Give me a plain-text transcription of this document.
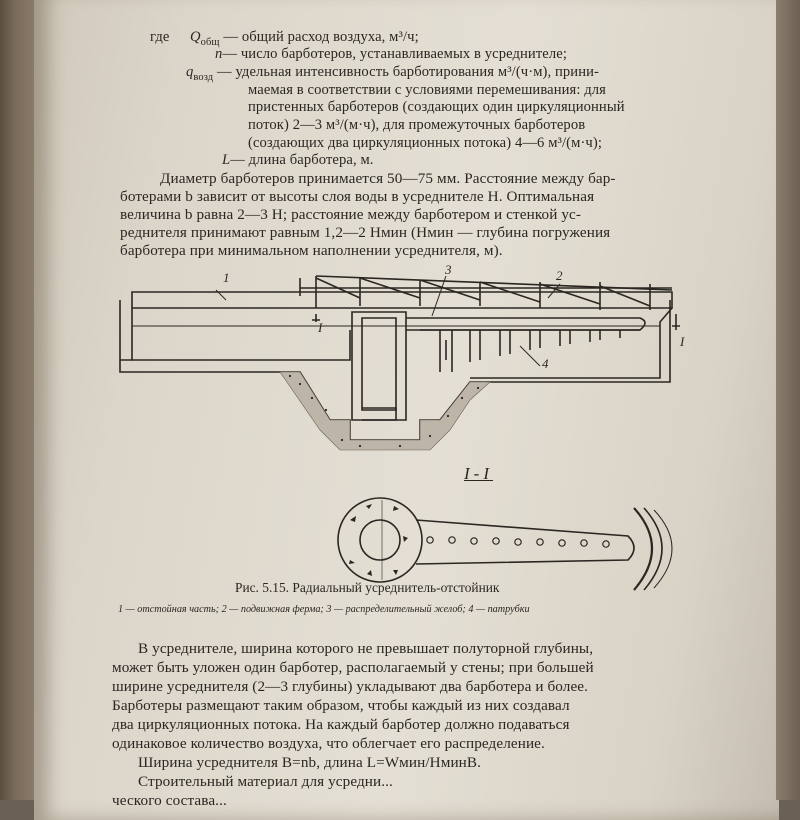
где $Q_{общ}$ — общий расход воздуха, м³/ч;
n— число барботеров, устанавливаемых в усреднителе;
$q_{возд}$ — удельная интенсивность барботирования м³/(ч·м), прини-
маемая в соответствии с условиями перемешивания: для
пристенных барботеров (создающих один циркуляционный
поток) 2—3 м³/(м·ч), для промежуточных барботеров
(создающих два циркуляционных потока) 4—6 м³/(м·ч);
L— длина барботера, м.
Диаметр барботеров принимается 50—75 мм. Расстояние между бар-
ботерами b зависит от высоты слоя воды в усреднителе H. Оптимальная
величина b равна 2—3 H; расстояние между барботером и стенкой ус-
реднителя принимают равным 1,2—2 Hмин (Hмин — глубина погружения
барботера при минимальном наполнении усреднителя, м).
1
3	2
4
I
I
I-I
Рис. 5.15. Радиальный усреднитель-отстойник
1 — отстойная часть; 2 — подвижная ферма; 3 — распределительный желоб; 4 — патрубки
В усреднителе, ширина которого не превышает полуторной глубины,
может быть уложен один барботер, располагаемый у стены; при большей
ширине усреднителя (2—3 глубины) укладывают два барботера и более.
Барботеры размещают таким образом, чтобы каждый из них создавал
два циркуляционных потока. На каждый барботер должно подаваться
одинаковое количество воздуха, что облегчает его распределение.
Ширина усреднителя B=nb, длина L=Wмин/HминB.
Строительный материал для усредни...
ческого состава...
